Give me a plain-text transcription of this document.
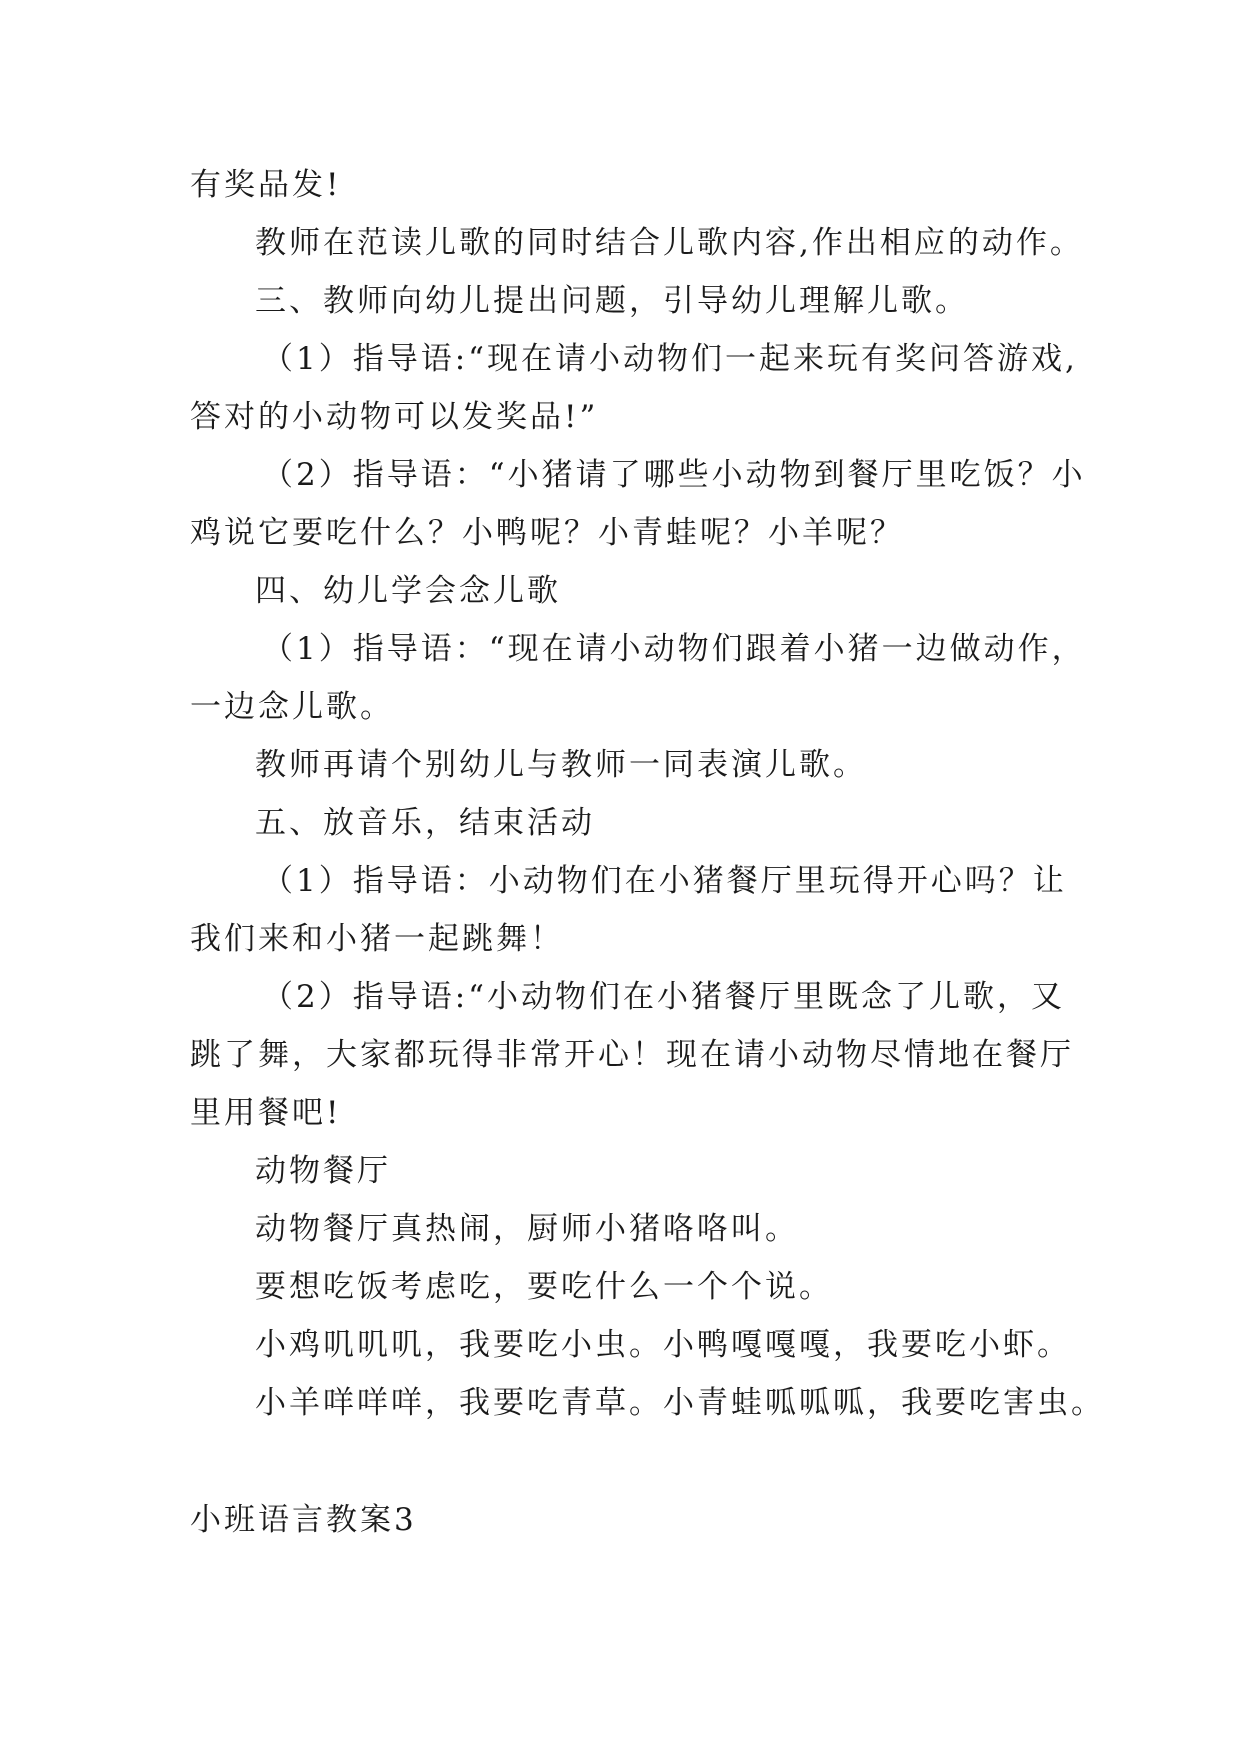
有奖品发!
教师在范读儿歌的同时结合儿歌内容,作出相应的动作。
三、教师向幼儿提出问题，引导幼儿理解儿歌。
（1）指导语:“现在请小动物们一起来玩有奖问答游戏,
答对的小动物可以发奖品!”
（2）指导语：“小猪请了哪些小动物到餐厅里吃饭？小
鸡说它要吃什么？小鸭呢？小青蛙呢？小羊呢？
四、幼儿学会念儿歌
（1）指导语：“现在请小动物们跟着小猪一边做动作，
一边念儿歌。
教师再请个别幼儿与教师一同表演儿歌。
五、放音乐，结束活动
（1）指导语：小动物们在小猪餐厅里玩得开心吗？让
我们来和小猪一起跳舞！
（2）指导语:“小动物们在小猪餐厅里既念了儿歌，又
跳了舞，大家都玩得非常开心！现在请小动物尽情地在餐厅
里用餐吧!
动物餐厅
动物餐厅真热闹，厨师小猪咯咯叫。
要想吃饭考虑吃，要吃什么一个个说。
小鸡叽叽叽，我要吃小虫。小鸭嘎嘎嘎，我要吃小虾。
小羊咩咩咩，我要吃青草。小青蛙呱呱呱，我要吃害虫。
小班语言教案3
